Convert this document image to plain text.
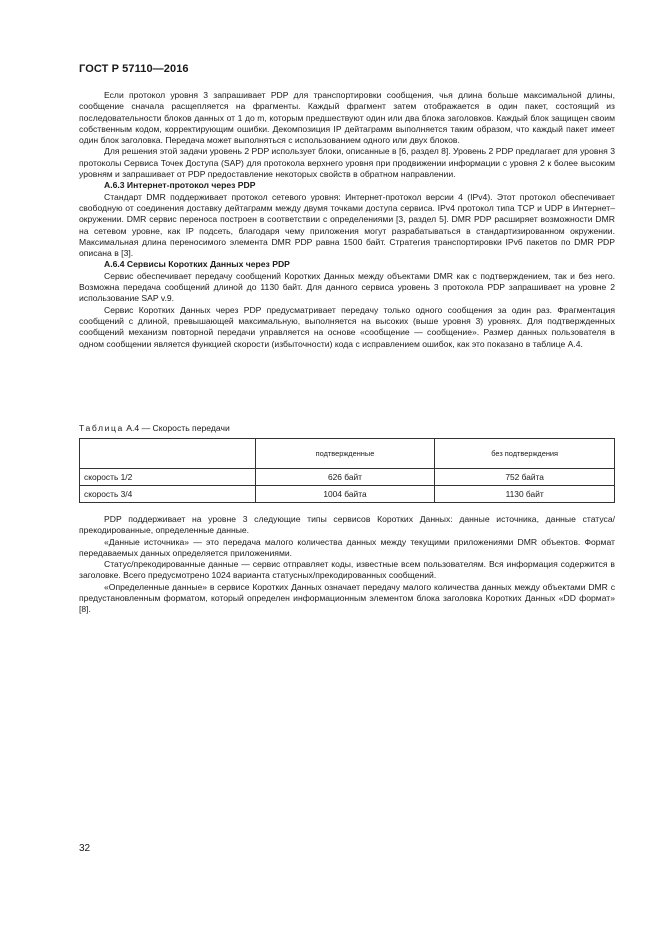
ГОСТ Р 57110—2016

Если протокол уровня 3 запрашивает PDP для транспортировки сообщения, чья длина больше максимальной длины, сообщение сначала расщепляется на фрагменты. Каждый фрагмент затем отображается в один пакет, состоящий из последовательности блоков данных от 1 до m, которым предшествуют один или два блока заголовков. Каждый блок защищен своим собственным кодом, корректирующим ошибки. Декомпозиция IP дейтаграмм выполняется таким образом, что каждый пакет имеет один блок заголовка. Передача может выполняться с использованием одного или двух блоков.

Для решения этой задачи уровень 2 PDP использует блоки, описанные в [6, раздел 8]. Уровень 2 PDP предлагает для уровня 3 протоколы Сервиса Точек Доступа (SAP) для протокола верхнего уровня при продвижении информации с уровня 2 к более высоким уровням и запрашивает от PDP предоставление некоторых свойств в обратном направлении.

А.6.3 Интернет-протокол через PDP

Стандарт DMR поддерживает протокол сетевого уровня: Интернет-протокол версии 4 (IPv4). Этот протокол обеспечивает свободную от соединения доставку дейтаграмм между двумя точками доступа сервиса. IPv4 протокол типа TCP и UDP в Интернет–окружении. DMR сервис переноса построен в соответствии с определениями [3, раздел 5]. DMR PDP расширяет возможности DMR на сетевом уровне, как IP подсеть, благодаря чему приложения могут разрабатываться в стандартизированном окружении. Максимальная длина переносимого элемента DMR PDP равна 1500 байт. Стратегия транспортировки IPv6 пакетов по DMR PDP описана в [3].

А.6.4 Сервисы Коротких Данных через PDP

Сервис обеспечивает передачу сообщений Коротких Данных между объектами DMR как с подтверждением, так и без него. Возможна передача сообщений длиной до 1130 байт. Для данного сервиса уровень 3 протокола PDP запрашивает на уровне 2 использование SAP v.9.

Сервис Коротких Данных через PDP предусматривает передачу только одного сообщения за один раз. Фрагментация сообщений с длиной, превышающей максимальную, выполняется на высоких (выше уровня 3) уровнях. Для подтвержденных сообщений механизм повторной передачи управляется на основе «сообщение — сообщение». Размер данных пользователя в одном сообщении является функцией скорости (избыточности) кода с исправлением ошибок, как это показано в таблице А.4.

Таблица А.4 — Скорость передачи
	подтвержденные	без подтверждения
скорость 1/2	626 байт	752 байта
скорость 3/4	1004 байта	1130 байт

PDP поддерживает на уровне 3 следующие типы сервисов Коротких Данных: данные источника, данные статуса/прекодированные, определенные данные.

«Данные источника» — это передача малого количества данных между текущими приложениями DMR объектов. Формат передаваемых данных определяется приложениями.

Статус/прекодированные данные — сервис отправляет коды, известные всем пользователям. Вся информация содержится в заголовке. Всего предусмотрено 1024 варианта статусных/прекодированных сообщений.

«Определенные данные» в сервисе Коротких Данных означает передачу малого количества данных между объектами DMR с предустановленным форматом, который определен информационным элементом блока заголовка Коротких Данных «DD формат» [8].

32
